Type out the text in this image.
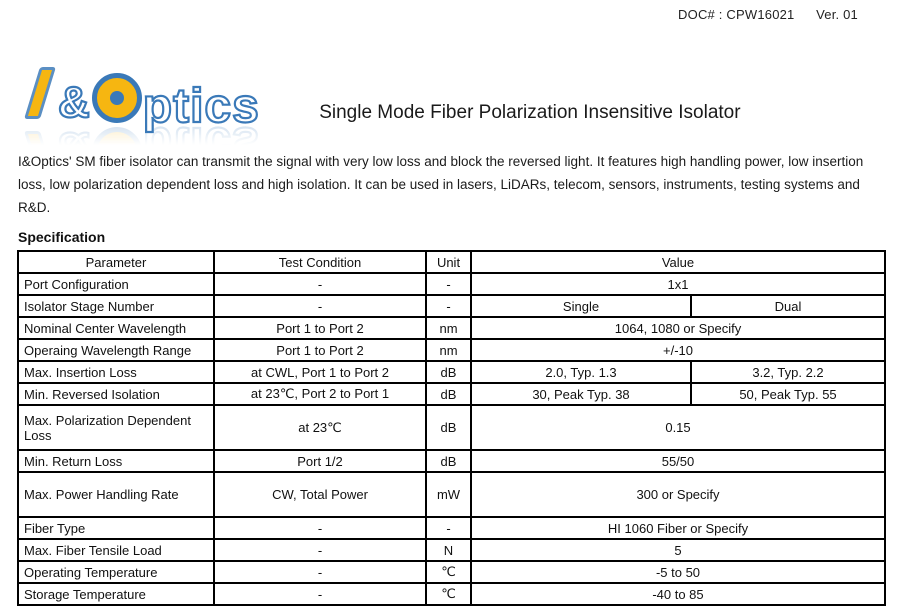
DOC# : CPW16021 Ver. 01
& ptics	Single Mode Fiber Polarization Insensitive Isolator

I&Optics' SM fiber isolator can transmit the signal with very low loss and block the reversed light. It features high handling power, low insertion loss, low polarization dependent loss and high isolation. It can be used in lasers, LiDARs, telecom, sensors, instruments, testing systems and R&D.

Specification
Parameter	Test Condition	Unit	Value	
Port Configuration	-	-	1x1	
Isolator Stage Number	-	-	Single	Dual
Nominal Center Wavelength	Port 1 to Port 2	nm	1064, 1080 or Specify	
Operaing Wavelength Range	Port 1 to Port 2	nm	+/-10	
Max. Insertion Loss	at CWL, Port 1 to Port 2	dB	2.0, Typ. 1.3	3.2, Typ. 2.2
Min. Reversed Isolation	at 23℃, Port 2 to Port 1	dB	30, Peak Typ. 38	50, Peak Typ. 55
Max. Polarization Dependent Loss	at 23℃	dB	0.15	
Min. Return Loss	Port 1/2	dB	55/50	
Max. Power Handling Rate	CW, Total Power	mW	300 or Specify	
Fiber Type	-	-	HI 1060 Fiber or Specify	
Max. Fiber Tensile Load	-	N	5	
Operating Temperature	-	℃	-5 to 50	
Storage Temperature	-	℃	-40 to 85	
